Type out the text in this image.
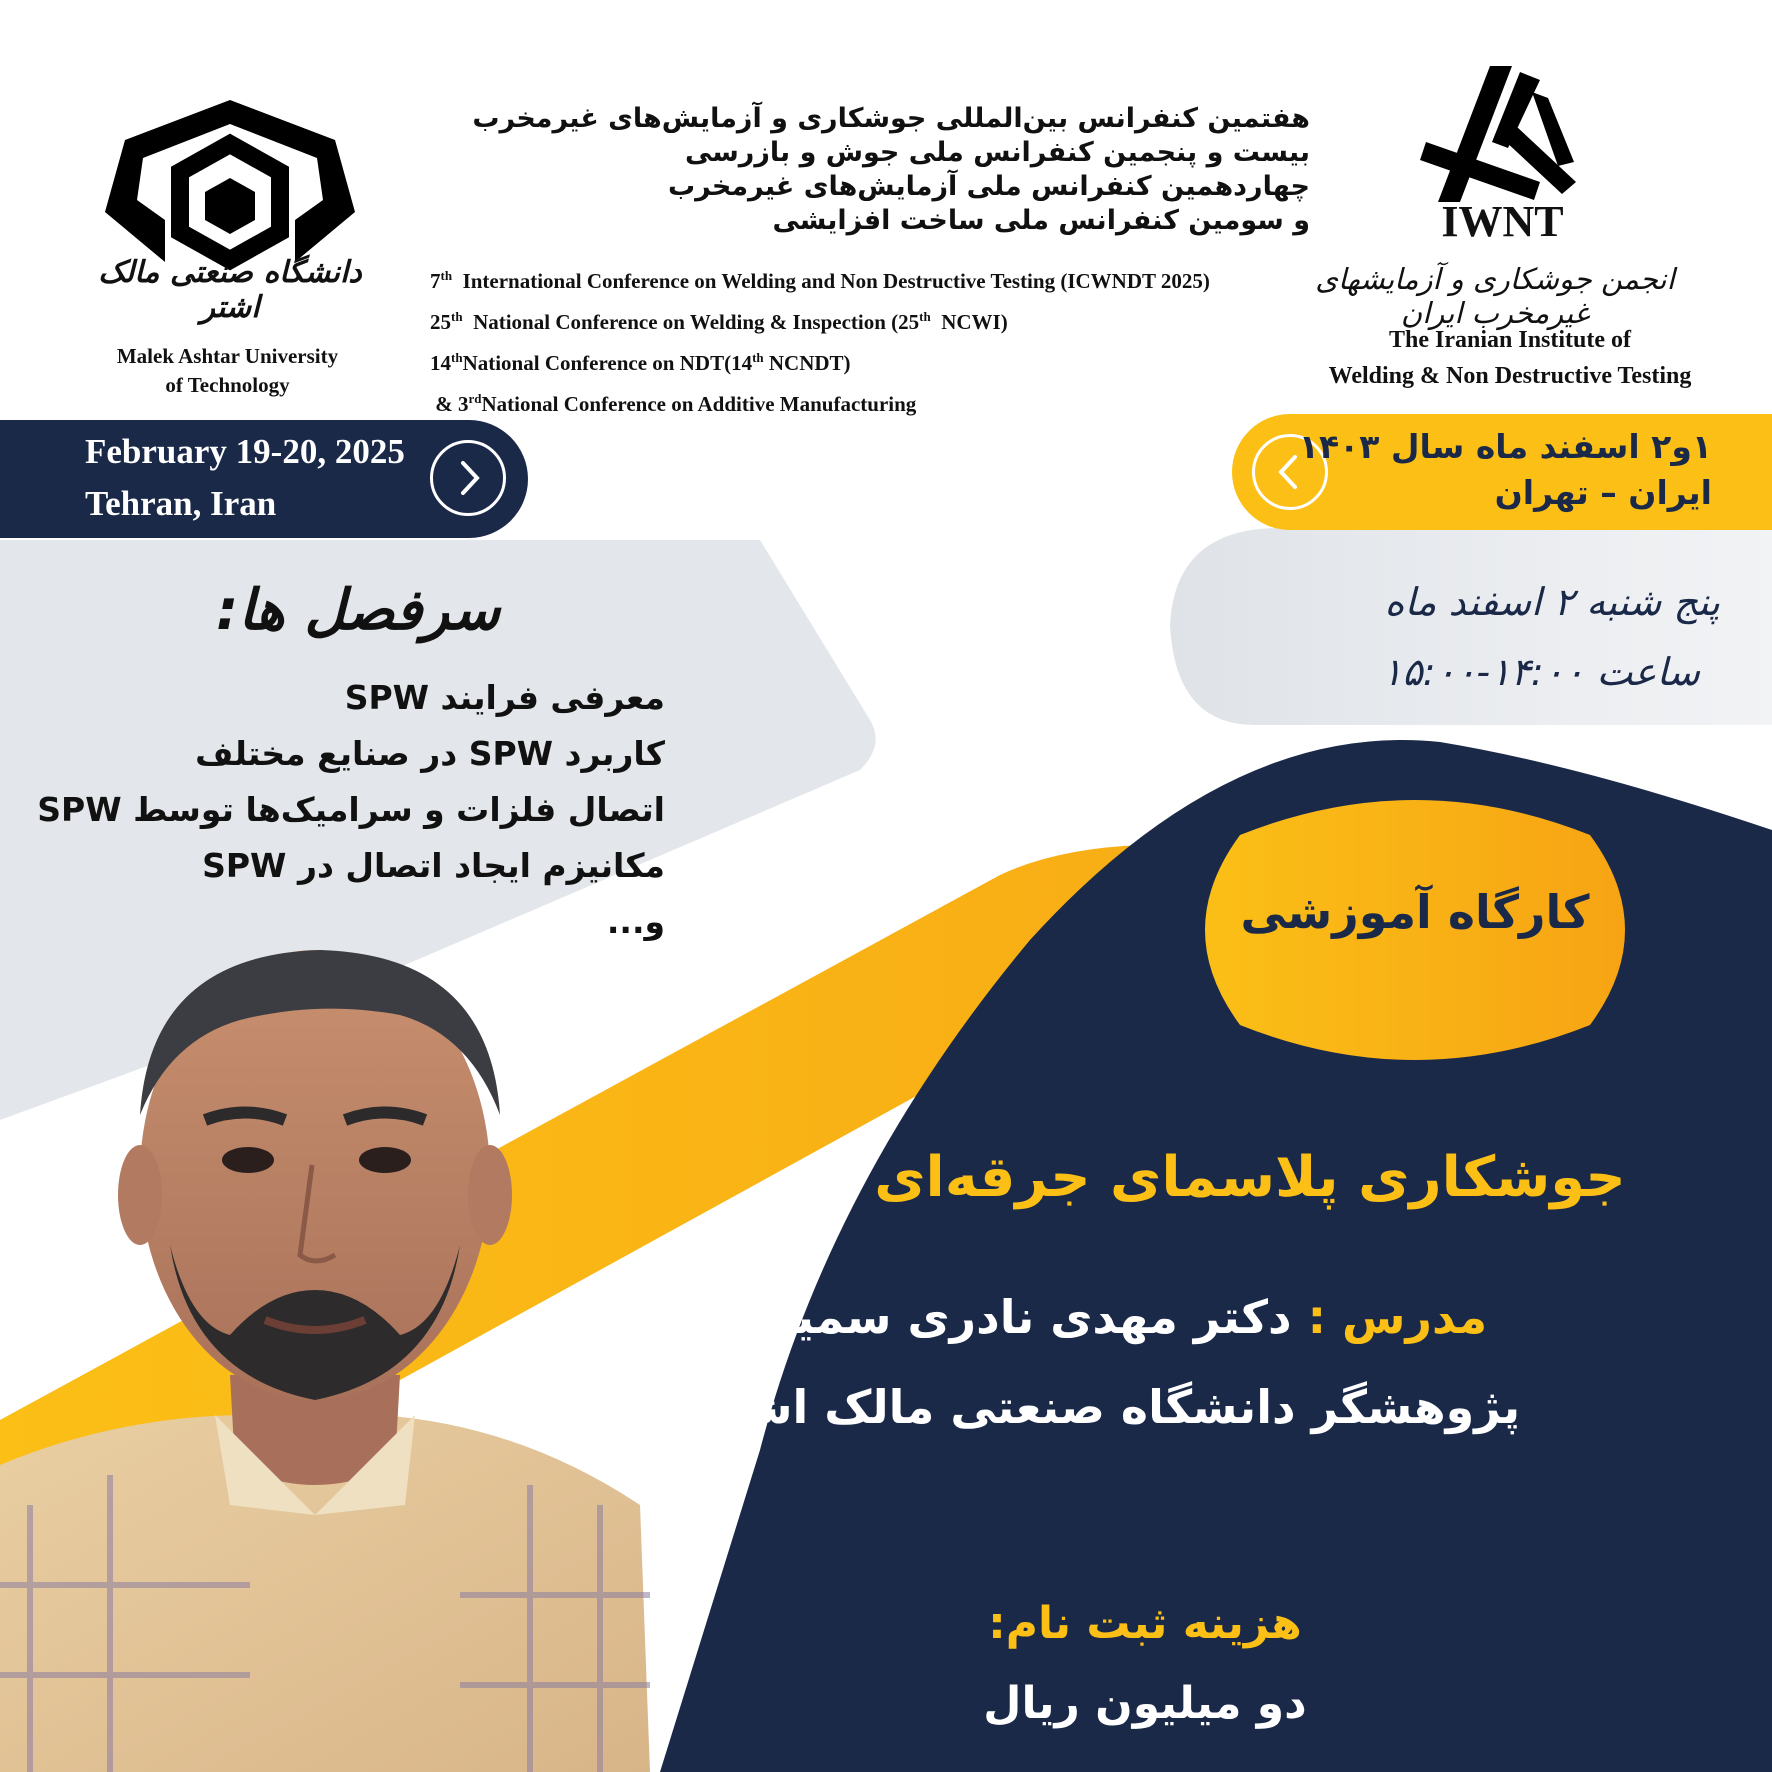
دانشگاه صنعتی مالک اشتر
Malek Ashtar University
of Technology
IWNT
انجمن جوشکاری و آزمایشهای غیرمخرب ایران
The Iranian Institute of
Welding & Non Destructive Testing
هفتمین کنفرانس بین‌المللی جوشکاری و آزمایش‌های غیرمخرب
بیست و پنجمین کنفرانس ملی جوش و بازرسی
چهاردهمین کنفرانس ملی آزمایش‌های غیرمخرب
و سومین کنفرانس ملی ساخت افزایشی
7th International Conference on Welding and Non Destructive Testing (ICWNDT 2025)
25th National Conference on Welding & Inspection (25th NCWI)
14thNational Conference on NDT(14th NCNDT)
& 3rdNational Conference on Additive Manufacturing
February 19-20, 2025
Tehran, Iran
۱و۲ اسفند ماه سال ۱۴۰۳
ایران – تهران
پنج شنبه ۲ اسفند ماه
ساعت ۱۴:۰۰-۱۵:۰۰
سرفصل ها:
معرفی فرایند SPW
کاربرد SPW در صنایع مختلف
اتصال فلزات و سرامیک‌ها توسط SPW
مکانیزم ایجاد اتصال در SPW
و...	کارگاه آموزشی
جوشکاری پلاسمای جرقه‌ای
مدرس : دکتر مهدی نادری سمیرمی
پژوهشگر دانشگاه صنعتی مالک اشتر
هزینه ثبت نام:
دو میلیون ریال
